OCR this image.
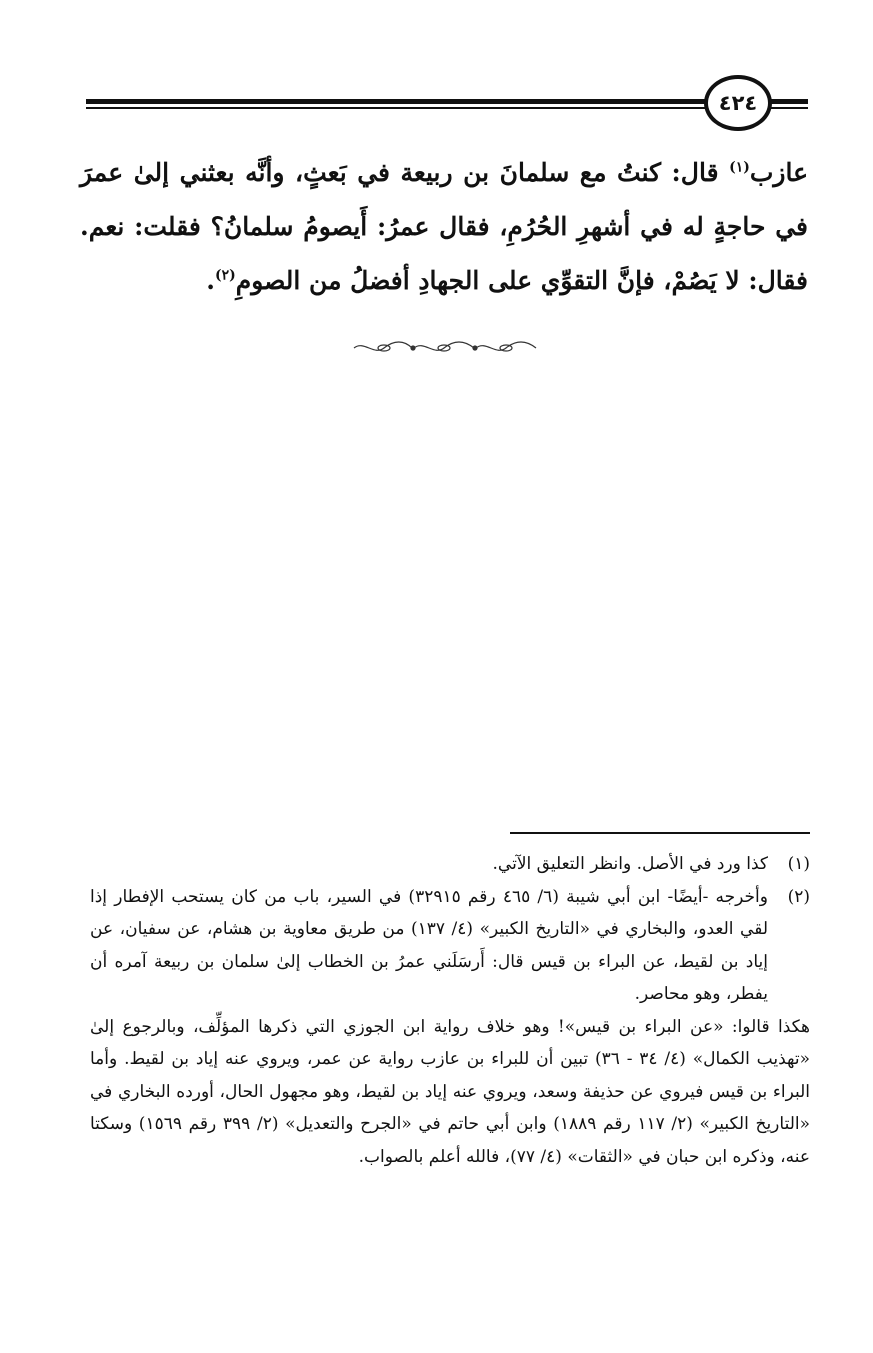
٤٢٤

عازب$^{(١)}$ قال: كنتُ مع سلمانَ بن ربيعة في بَعثٍ، وأنَّه بعثني إلىٰ عمرَ في حاجةٍ له في أشهرِ الحُرُمِ، فقال عمرُ: أَيصومُ سلمانُ؟ فقلت: نعم. فقال: لا يَصُمْ، فإنَّ التقوِّي على الجهادِ أفضلُ من الصومِ$^{(٢)}$.

(١)
كذا ورد في الأصل. وانظر التعليق الآتي.
(٢)
وأخرجه -أيضًا- ابن أبي شيبة (٦/ ٤٦٥ رقم ٣٢٩١٥) في السير، باب من كان يستحب الإفطار إذا لقي العدو، والبخاري في «التاريخ الكبير» (٤/ ١٣٧) من طريق معاوية بن هشام، عن سفيان، عن إياد بن لقيط، عن البراء بن قيس قال: أَرسَلَني عمرُ بن الخطاب إلىٰ سلمان بن ربيعة آمره أن يفطر، وهو محاصر.

هكذا قالوا: «عن البراء بن قيس»! وهو خلاف رواية ابن الجوزي التي ذكرها المؤلِّف، وبالرجوع إلىٰ «تهذيب الكمال» (٤/ ٣٤ - ٣٦) تبين أن للبراء بن عازب رواية عن عمر، ويروي عنه إياد بن لقيط. وأما البراء بن قيس فيروي عن حذيفة وسعد، ويروي عنه إياد بن لقيط، وهو مجهول الحال، أورده البخاري في «التاريخ الكبير» (٢/ ١١٧ رقم ١٨٨٩) وابن أبي حاتم في «الجرح والتعديل» (٢/ ٣٩٩ رقم ١٥٦٩) وسكتا عنه، وذكره ابن حبان في «الثقات» (٤/ ٧٧)، فالله أعلم بالصواب.
